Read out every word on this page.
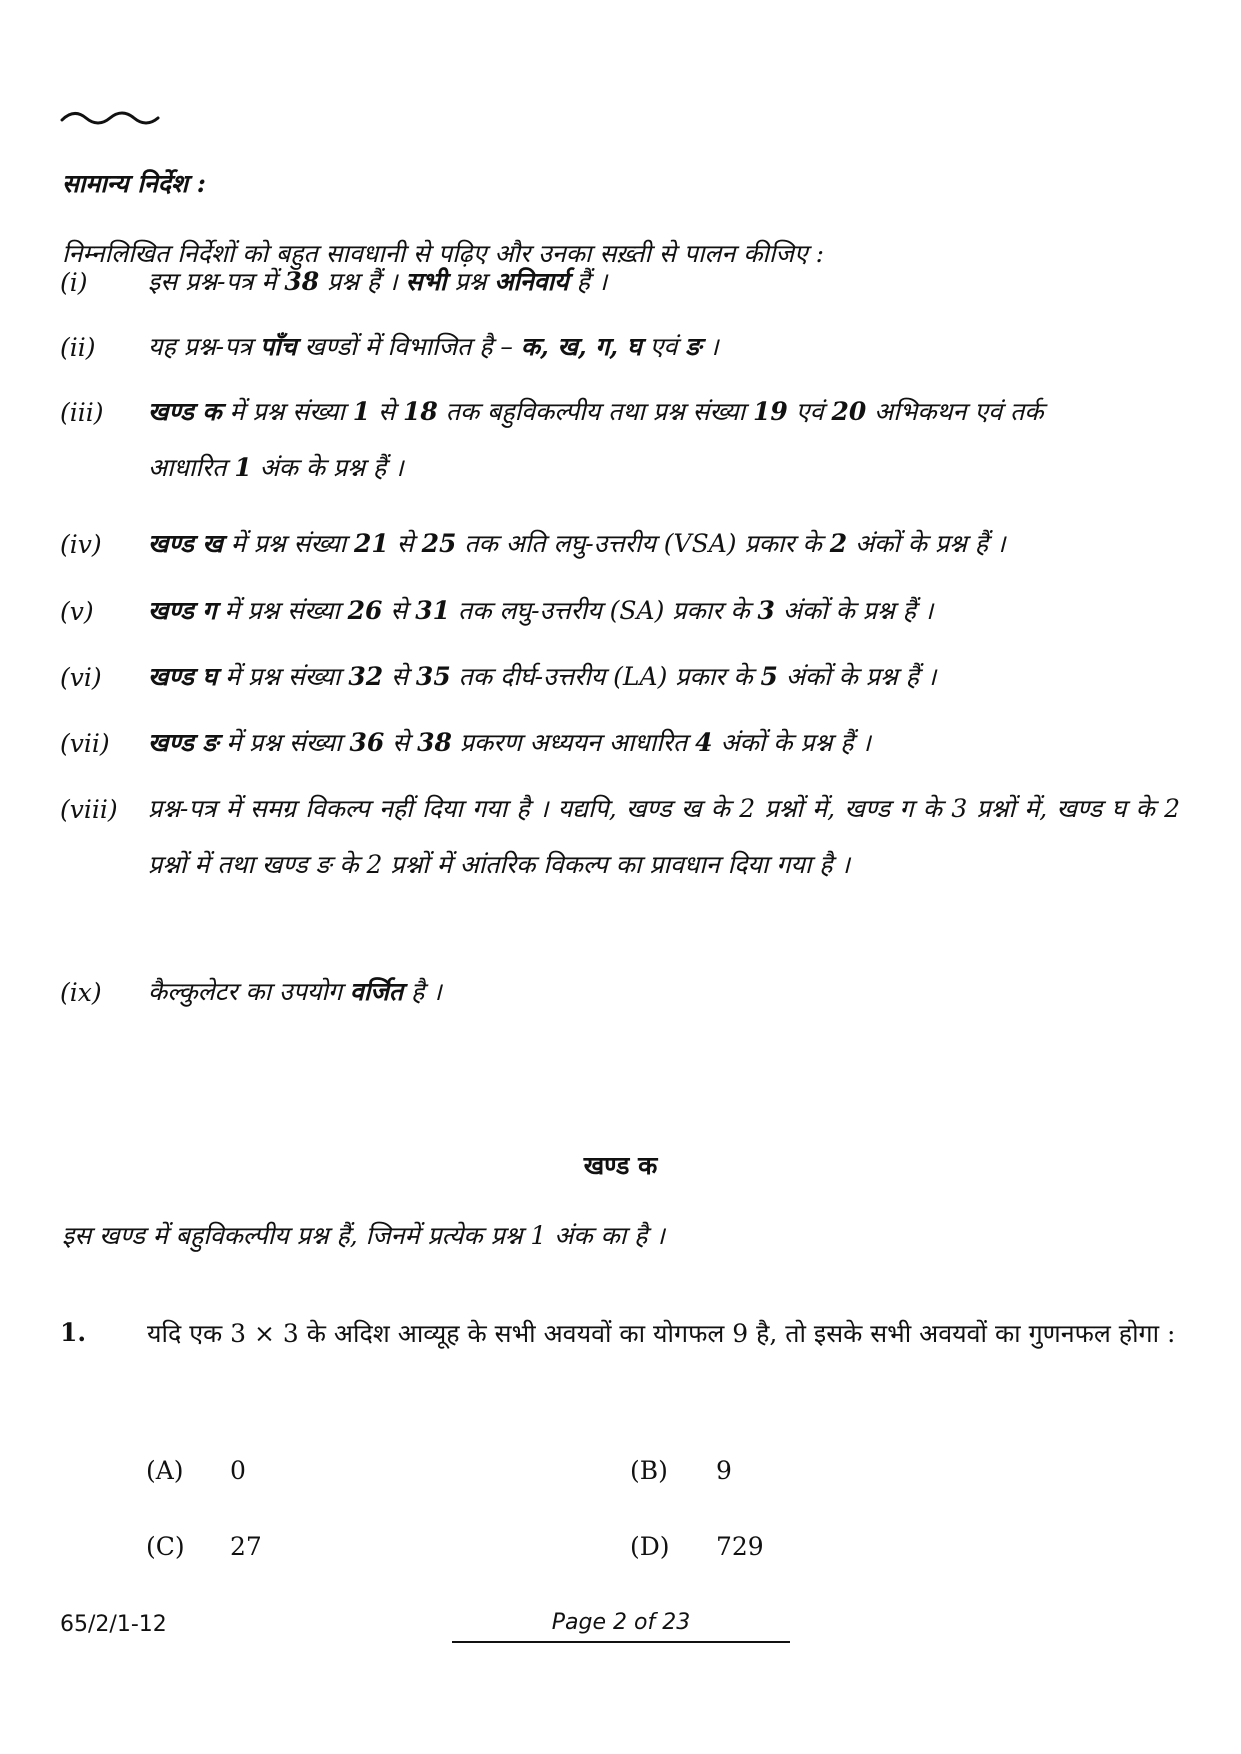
सामान्य निर्देश :
निम्नलिखित निर्देशों को बहुत सावधानी से पढ़िए और उनका सख़्ती से पालन कीजिए :
(i) इस प्रश्न-पत्र में 38 प्रश्न हैं । सभी प्रश्न अनिवार्य हैं ।
(ii) यह प्रश्न-पत्र पाँच खण्डों में विभाजित है – क, ख, ग, घ एवं ङ ।
(iii) खण्ड क में प्रश्न संख्या 1 से 18 तक बहुविकल्पीय तथा प्रश्न संख्या 19 एवं 20 अभिकथन एवं तर्क आधारित 1 अंक के प्रश्न हैं ।
(iv) खण्ड ख में प्रश्न संख्या 21 से 25 तक अति लघु-उत्तरीय (VSA) प्रकार के 2 अंकों के प्रश्न हैं ।
(v) खण्ड ग में प्रश्न संख्या 26 से 31 तक लघु-उत्तरीय (SA) प्रकार के 3 अंकों के प्रश्न हैं ।
(vi) खण्ड घ में प्रश्न संख्या 32 से 35 तक दीर्घ-उत्तरीय (LA) प्रकार के 5 अंकों के प्रश्न हैं ।
(vii) खण्ड ङ में प्रश्न संख्या 36 से 38 प्रकरण अध्ययन आधारित 4 अंकों के प्रश्न हैं ।
(viii) प्रश्न-पत्र में समग्र विकल्प नहीं दिया गया है । यद्यपि, खण्ड ख के 2 प्रश्नों में, खण्ड ग के 3 प्रश्नों में, खण्ड घ के 2 प्रश्नों में तथा खण्ड ङ के 2 प्रश्नों में आंतरिक विकल्प का प्रावधान दिया गया है ।
(ix) कैल्कुलेटर का उपयोग वर्जित है ।
खण्ड क
इस खण्ड में बहुविकल्पीय प्रश्न हैं, जिनमें प्रत्येक प्रश्न 1 अंक का है ।
1. यदि एक 3 × 3 के अदिश आव्यूह के सभी अवयवों का योगफल 9 है, तो इसके सभी अवयवों का गुणनफल होगा :
(A) 0	(B) 9
(C) 27	(D) 729
65/2/1-12	Page 2 of 23
